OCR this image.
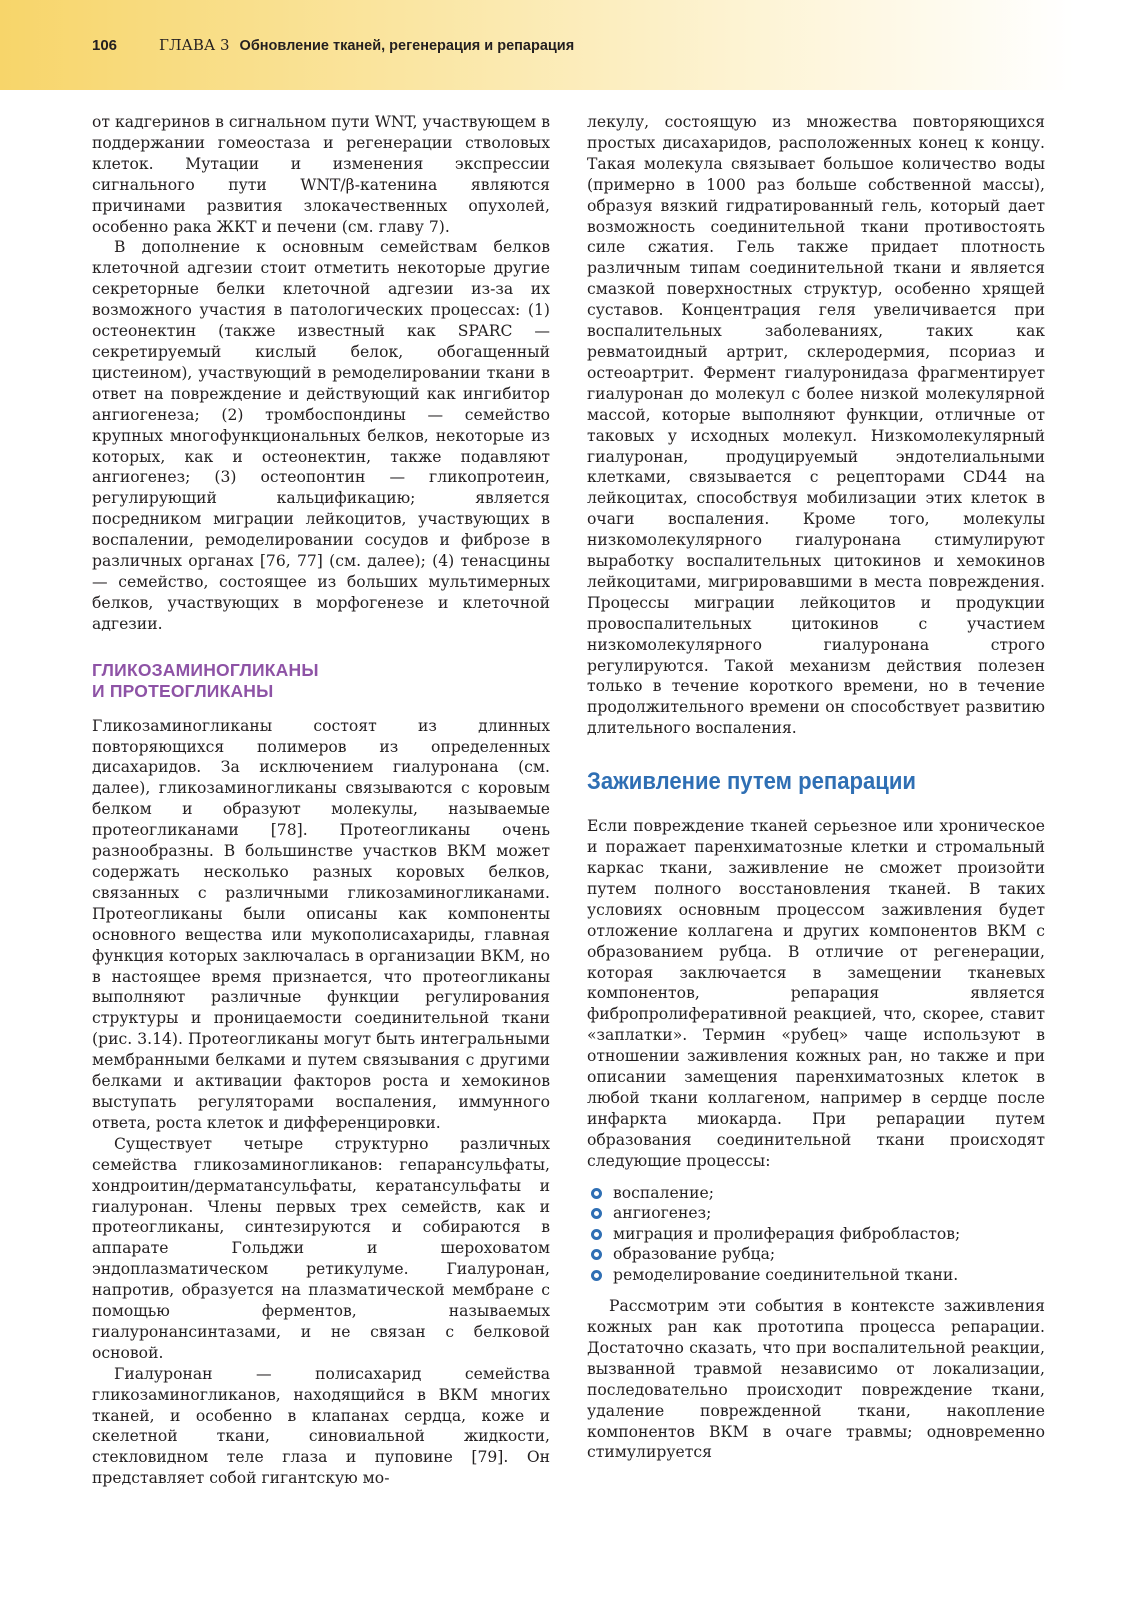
106	ГЛАВА 3 Обновление тканей, регенерация и репарация

от кадгеринов в сигнальном пути WNT, участвующем в поддержании гомеостаза и регенерации стволовых клеток. Мутации и изменения экспрессии сигнального пути WNT/β-катенина являются причинами развития злокачественных опухолей, особенно рака ЖКТ и печени (см. главу 7).

В дополнение к основным семействам белков клеточной адгезии стоит отметить некоторые другие секреторные белки клеточной адгезии из-за их возможного участия в патологических процессах: (1) остеонектин (также известный как SPARC — секретируемый кислый белок, обогащенный цистеином), участвующий в ремоделировании ткани в ответ на повреждение и действующий как ингибитор ангиогенеза; (2) тромбоспондины — семейство крупных многофункциональных белков, некоторые из которых, как и остеонектин, также подавляют ангиогенез; (3) остеопонтин — гликопротеин, регулирующий кальцификацию; является посредником миграции лейкоцитов, участвующих в воспалении, ремоделировании сосудов и фиброзе в различных органах [76, 77] (см. далее); (4) тенасцины — семейство, состоящее из больших мультимерных белков, участвующих в морфогенезе и клеточной адгезии.

ГЛИКОЗАМИНОГЛИКАНЫ
И ПРОТЕОГЛИКАНЫ

Гликозаминогликаны состоят из длинных повторяющихся полимеров из определенных дисахаридов. За исключением гиалуронана (см. далее), гликозаминогликаны связываются с коровым белком и образуют молекулы, называемые протеогликанами [78]. Протеогликаны очень разнообразны. В большинстве участков ВКМ может содержать несколько разных коровых белков, связанных с различными гликозаминогликанами. Протеогликаны были описаны как компоненты основного вещества или мукополисахариды, главная функция которых заключалась в организации ВКМ, но в настоящее время признается, что протеогликаны выполняют различные функции регулирования структуры и проницаемости соединительной ткани (рис. 3.14). Протеогликаны могут быть интегральными мембранными белками и путем связывания с другими белками и активации факторов роста и хемокинов выступать регуляторами воспаления, иммунного ответа, роста клеток и дифференцировки.

Существует четыре структурно различных семейства гликозаминогликанов: гепарансульфаты, хондроитин/дерматансульфаты, кератансульфаты и гиалуронан. Члены первых трех семейств, как и протеогликаны, синтезируются и собираются в аппарате Гольджи и шероховатом эндоплазматическом ретикулуме. Гиалуронан, напротив, образуется на плазматической мембране с помощью ферментов, называемых гиалуронансинтазами, и не связан с белковой основой.

Гиалуронан — полисахарид семейства гликозаминогликанов, находящийся в ВКМ многих тканей, и особенно в клапанах сердца, коже и скелетной ткани, синовиальной жидкости, стекловидном теле глаза и пуповине [79]. Он представляет собой гигантскую мо-

лекулу, состоящую из множества повторяющихся простых дисахаридов, расположенных конец к концу. Такая молекула связывает большое количество воды (примерно в 1000 раз больше собственной массы), образуя вязкий гидратированный гель, который дает возможность соединительной ткани противостоять силе сжатия. Гель также придает плотность различным типам соединительной ткани и является смазкой поверхностных структур, особенно хрящей суставов. Концентрация геля увеличивается при воспалительных заболеваниях, таких как ревматоидный артрит, склеродермия, псориаз и остеоартрит. Фермент гиалуронидаза фрагментирует гиалуронан до молекул с более низкой молекулярной массой, которые выполняют функции, отличные от таковых у исходных молекул. Низкомолекулярный гиалуронан, продуцируемый эндотелиальными клетками, связывается с рецепторами CD44 на лейкоцитах, способствуя мобилизации этих клеток в очаги воспаления. Кроме того, молекулы низкомолекулярного гиалуронана стимулируют выработку воспалительных цитокинов и хемокинов лейкоцитами, мигрировавшими в места повреждения. Процессы миграции лейкоцитов и продукции провоспалительных цитокинов с участием низкомолекулярного гиалуронана строго регулируются. Такой механизм действия полезен только в течение короткого времени, но в течение продолжительного времени он способствует развитию длительного воспаления.

Заживление путем репарации

Если повреждение тканей серьезное или хроническое и поражает паренхиматозные клетки и стромальный каркас ткани, заживление не сможет произойти путем полного восстановления тканей. В таких условиях основным процессом заживления будет отложение коллагена и других компонентов ВКМ с образованием рубца. В отличие от регенерации, которая заключается в замещении тканевых компонентов, репарация является фибропролиферативной реакцией, что, скорее, ставит «заплатки». Термин «рубец» чаще используют в отношении заживления кожных ран, но также и при описании замещения паренхиматозных клеток в любой ткани коллагеном, например в сердце после инфаркта миокарда. При репарации путем образования соединительной ткани происходят следующие процессы:

воспаление;
ангиогенез;
миграция и пролиферация фибробластов;
образование рубца;
ремоделирование соединительной ткани.

Рассмотрим эти события в контексте заживления кожных ран как прототипа процесса репарации. Достаточно сказать, что при воспалительной реакции, вызванной травмой независимо от локализации, последовательно происходит повреждение ткани, удаление поврежденной ткани, накопление компонентов ВКМ в очаге травмы; одновременно стимулируется
